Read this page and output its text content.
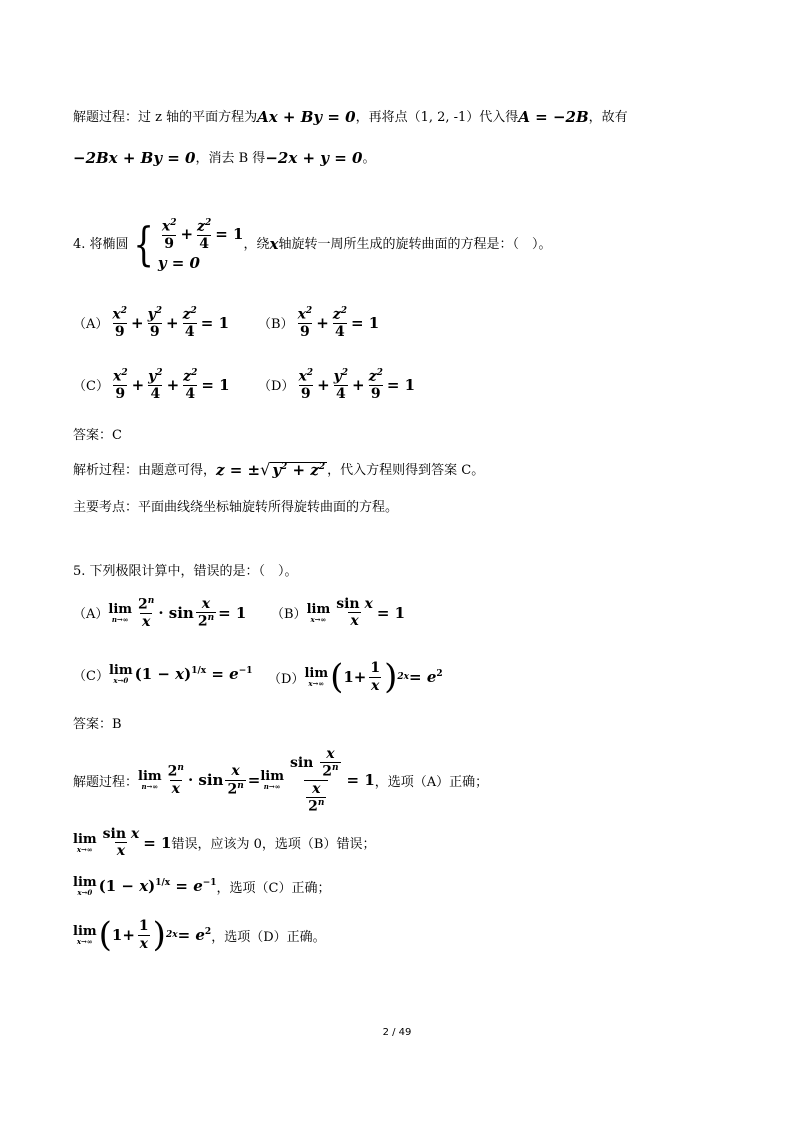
解题过程：过 z 轴的平面方程为 Ax + By = 0 ，再将点（1, 2, -1）代入得 A = −2B ，故有
−2Bx + By = 0 ，消去 B 得 −2x + y = 0 。
4. 将椭圆 { $\frac{x^2}{9} + \frac{z^2}{4} = 1$
y = 0
，绕 x 轴旋转一周所生成的旋转曲面的方程是：（　）。
$(A) \frac{x^2}{9} + \frac{y^2}{9} + \frac{z^2}{4} = 1$ $(B) \frac{x^2}{9} + \frac{z^2}{4} = 1$
$(C) \frac{x^2}{9} + \frac{y^2}{4} + \frac{z^2}{4} = 1$ $(D) \frac{x^2}{9} + \frac{y^2}{4} + \frac{z^2}{9} = 1$
答案：C
解析过程：由题意可得， z = ± √ $y^2 + z^2$ ，代入方程则得到答案 C。
主要考点：平面曲线绕坐标轴旋转所得旋转曲面的方程。
5. 下列极限计算中，错误的是：（　）。
（A） lim
$n\to\infty \frac{2^n}{x} \cdot \sin \frac{x}{2^n} = 1$ （B） lim
$x\to\infty \frac{\text{sin x}}{x} = 1$
（C） lim
x→0 $(1 - x)^{1/x} = e^{-1}$
（D） lim
x→∞ ( $1+ \frac{1}{x}$ ) $2x = e^2$
答案：B
解题过程： lim
$n\to\infty \frac{2^n}{x} \cdot \sin \frac{x}{2^n} = \lim$
$n\to\infty \frac{\sin \frac{x}{2^n}}{\frac{x}{2^n}} = 1$ ，选项（A）正确；
lim
$x\to\infty \frac{\text{sin x}}{x} = 1$ 错误，应该为 0，选项（B）错误；
lim
x→0 $(1 - x)^{1/x} = e^{-1}$ ，选项（C）正确；
lim
x→∞ ( $1+ \frac{1}{x}$ ) $2x = e^2$ ，选项（D）正确。
2 / 49
